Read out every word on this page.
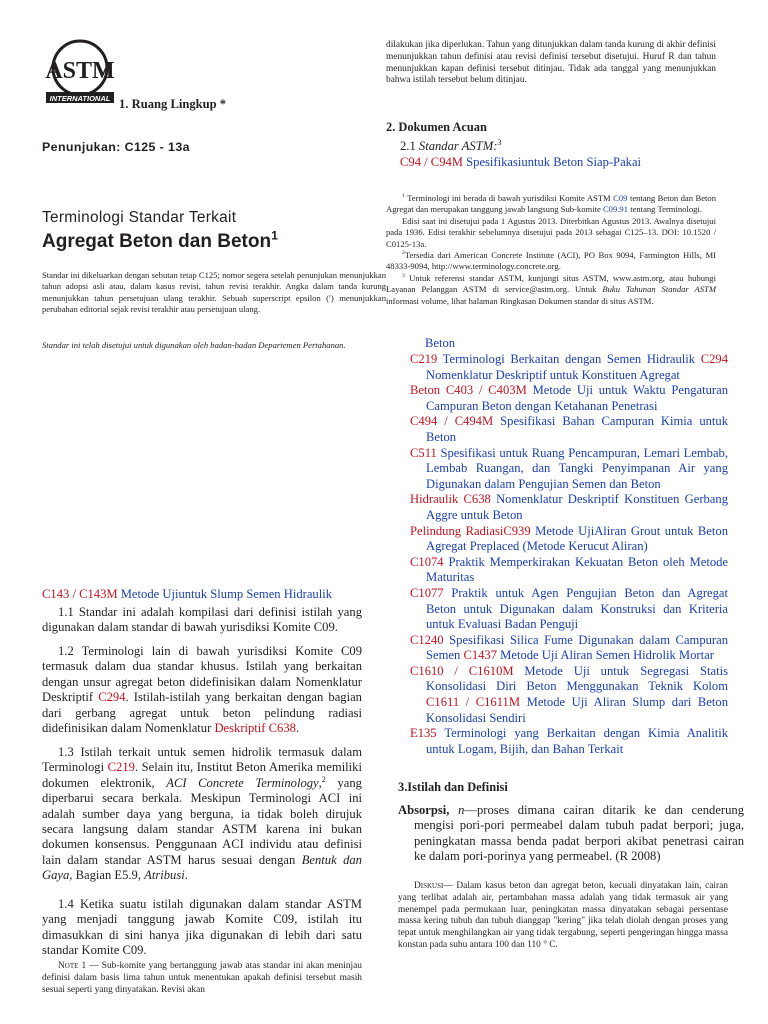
ASTM
INTERNATIONAL 1. Ruang Lingkup *
Penunjukan: C125 - 13a
Terminologi Standar Terkait
Agregat Beton dan Beton$^1$
Standar ini dikeluarkan dengan sebutan tetap C125; nomor segera setelah penunjukan menunjukkan tahun adopsi asli atau, dalam kasus revisi, tahun revisi terakhir. Angka dalam tanda kurung menunjukkan tahun persetujuan ulang terakhir. Sebuah superscript epsilon (ʹ) menunjukkan perubahan editorial sejak revisi terakhir atau persetujuan ulang.
Standar ini telah disetujui untuk digunakan oleh badan-badan Departemen Pertahanan.
C143 / C143M Metode Ujiuntuk Slump Semen Hidraulik
1.1 Standar ini adalah kompilasi dari definisi istilah yang digunakan dalam standar di bawah yurisdiksi Komite C09.
1.2 Terminologi lain di bawah yurisdiksi Komite C09 termasuk dalam dua standar khusus. Istilah yang berkaitan dengan unsur agregat beton didefinisikan dalam Nomenklatur Deskriptif C294. Istilah-istilah yang berkaitan dengan bagian dari gerbang agregat untuk beton pelindung radiasi didefinisikan dalam Nomenklatur Deskriptif C638.
1.3 Istilah terkait untuk semen hidrolik termasuk dalam Terminologi C219. Selain itu, Institut Beton Amerika memiliki dokumen elektronik, ACI Concrete Terminology,$^2$ yang diperbarui secara berkala. Meskipun Terminologi ACI ini adalah sumber daya yang berguna, ia tidak boleh dirujuk secara langsung dalam standar ASTM karena ini bukan dokumen konsensus. Penggunaan ACI individu atau definisi lain dalam standar ASTM harus sesuai dengan Bentuk dan Gaya, Bagian E5.9, Atribusi.
1.4 Ketika suatu istilah digunakan dalam standar ASTM yang menjadi tanggung jawab Komite C09, istilah itu dimasukkan di sini hanya jika digunakan di lebih dari satu standar Komite C09.
Note 1 — Sub-komite yang bertanggung jawab atas standar ini akan meninjau definisi dalam basis lima tahun untuk menentukan apakah definisi tersebut masih sesuai seperti yang dinyatakan. Revisi akan
dilakukan jika diperlukan. Tahun yang ditunjukkan dalam tanda kurung di akhir definisi menunjukkan tahun definisi atau revisi definisi tersebut disetujui. Huruf R dan tahun menunjukkan kapan definisi tersebut ditinjau. Tidak ada tanggal yang menunjukkan bahwa istilah tersebut belum ditinjau.
2. Dokumen Acuan
2.1 Standar ASTM:$^3$
C94 / C94M Spesifikasiuntuk Beton Siap-Pakai

$^1$ Terminologi ini berada di bawah yurisdiksi Komite ASTM C09 tentang Beton dan Beton Agregat dan merupakan tanggung jawab langsung Sub-komite C09.91 tentang Terminologi.

Edisi saat ini disetujui pada 1 Agustus 2013. Diterbitkan Agustus 2013. Awalnya disetujui pada 1936. Edisi terakhir sebelumnya disetujui pada 2013 sebagai C125–13. DOI: 10.1520 / C0125-13a.

$^2$Tersedia dari American Concrete Institute (ACI), PO Box 9094, Farmington Hills, MI 48333-9094, http://www.terminology.concrete.org.

$^3$ Untuk referensi standar ASTM, kunjungi situs ASTM, www.astm.org, atau hubungi Layanan Pelanggan ASTM di service@astm.org. Untuk Buku Tahunan Standar ASTM informasi volume, lihat halaman Ringkasan Dokumen standar di situs ASTM.

Beton
C219 Terminologi Berkaitan dengan Semen Hidraulik C294 Nomenklatur Deskriptif untuk Konstituen Agregat
Beton C403 / C403M Metode Uji untuk Waktu Pengaturan Campuran Beton dengan Ketahanan Penetrasi
C494 / C494M Spesifikasi Bahan Campuran Kimia untuk Beton
C511 Spesifikasi untuk Ruang Pencampuran, Lemari Lembab, Lembab Ruangan, dan Tangki Penyimpanan Air yang Digunakan dalam Pengujian Semen dan Beton
Hidraulik C638 Nomenklatur Deskriptif Konstituen Gerbang Aggre untuk Beton
Pelindung RadiasiC939 Metode UjiAliran Grout untuk Beton Agregat Preplaced (Metode Kerucut Aliran)
C1074 Praktik Memperkirakan Kekuatan Beton oleh Metode Maturitas
C1077 Praktik untuk Agen Pengujian Beton dan Agregat Beton untuk Digunakan dalam Konstruksi dan Kriteria untuk Evaluasi Badan Penguji
C1240 Spesifikasi Silica Fume Digunakan dalam Campuran Semen C1437 Metode Uji Aliran Semen Hidrolik Mortar
C1610 / C1610M Metode Uji untuk Segregasi Statis Konsolidasi Diri Beton Menggunakan Teknik Kolom C1611 / C1611M Metode Uji Aliran Slump dari Beton Konsolidasi Sendiri
E135 Terminologi yang Berkaitan dengan Kimia Analitik untuk Logam, Bijih, dan Bahan Terkait
3.Istilah dan Definisi
Absorpsi, n—proses dimana cairan ditarik ke dan cenderung mengisi pori-pori permeabel dalam tubuh padat berpori; juga, peningkatan massa benda padat berpori akibat penetrasi cairan ke dalam pori-porinya yang permeabel. (R 2008)
Diskusi— Dalam kasus beton dan agregat beton, kecuali dinyatakan lain, cairan yang terlibat adalah air, pertambahan massa adalah yang tidak termasuk air yang menempel pada permukaan luar, peningkatan massa dinyatakan sebagai persentase massa kering tubuh dan tubuh dianggap "kering" jika telah diolah dengan proses yang tepat untuk menghilangkan air yang tidak tergabung, seperti pengeringan hingga massa konstan pada suhu antara 100 dan 110 ° C.
